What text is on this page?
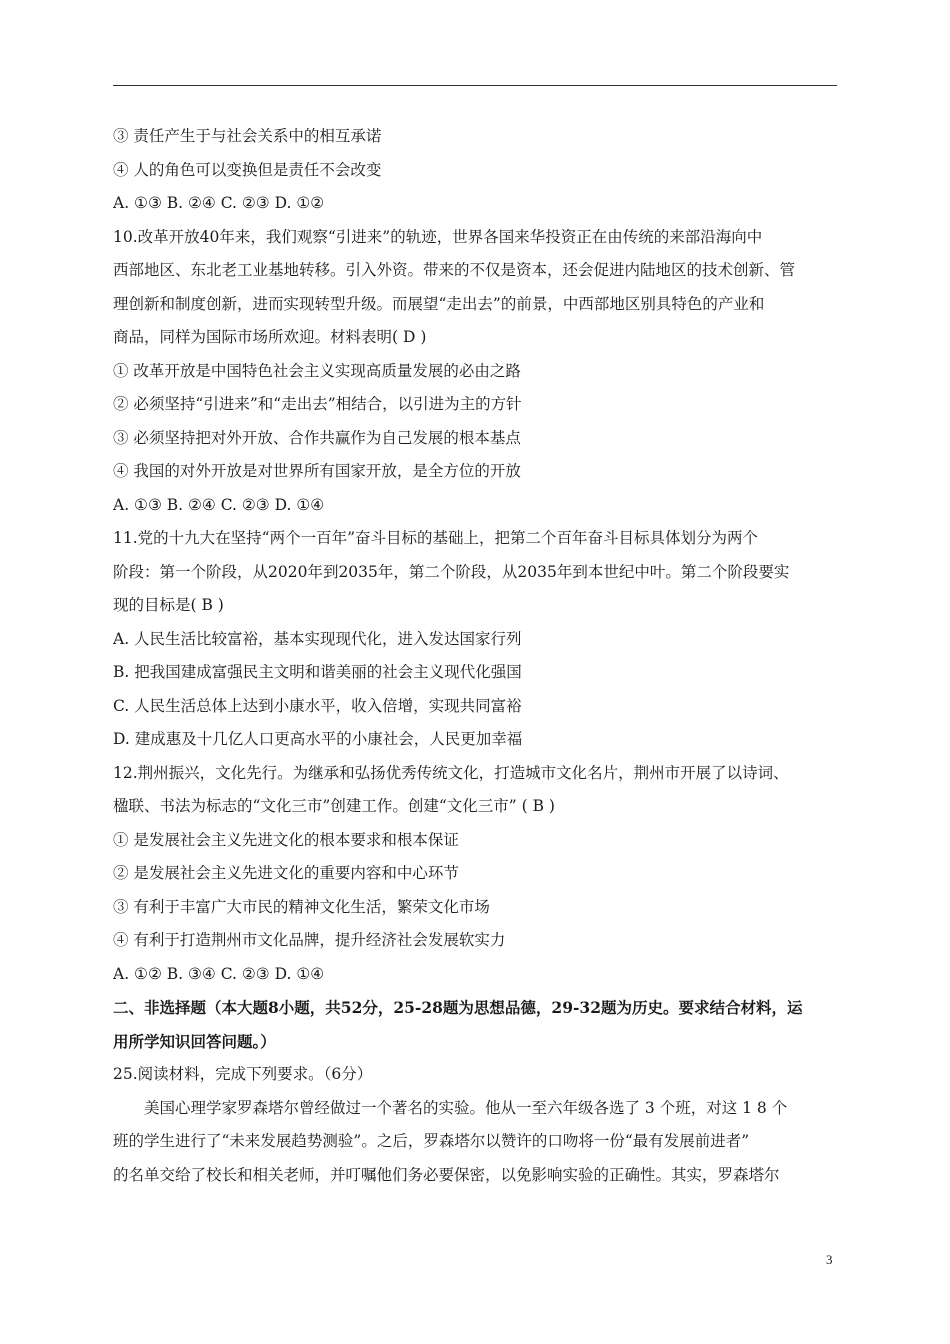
③ 责任产生于与社会关系中的相互承诺
④ 人的角色可以变换但是责任不会改变
A. ①③ B. ②④ C. ②③ D. ①②
10.改革开放40年来，我们观察“引进来”的轨迹，世界各国来华投资正在由传统的来部沿海向中
西部地区、东北老工业基地转移。引入外资。带来的不仅是资本，还会促进内陆地区的技术创新、管
理创新和制度创新，进而实现转型升级。而展望“走出去”的前景，中西部地区别具特色的产业和
商品，同样为国际市场所欢迎。材料表明( D )
① 改革开放是中国特色社会主义实现高质量发展的必由之路
② 必须坚持“引进来”和“走出去”相结合，以引进为主的方针
③ 必须坚持把对外开放、合作共赢作为自己发展的根本基点
④ 我国的对外开放是对世界所有国家开放，是全方位的开放
A. ①③ B. ②④ C. ②③ D. ①④
11.党的十九大在坚持“两个一百年”奋斗目标的基础上，把第二个百年奋斗目标具体划分为两个
阶段：第一个阶段，从2020年到2035年，第二个阶段，从2035年到本世纪中叶。第二个阶段要实
现的目标是( B )
A. 人民生活比较富裕，基本实现现代化，进入发达国家行列
B. 把我国建成富强民主文明和谐美丽的社会主义现代化强国
C. 人民生活总体上达到小康水平，收入倍增，实现共同富裕
D. 建成惠及十几亿人口更高水平的小康社会，人民更加幸福
12.荆州振兴，文化先行。为继承和弘扬优秀传统文化，打造城市文化名片，荆州市开展了以诗词、
楹联、书法为标志的“文化三市”创建工作。创建“文化三市” ( B )
① 是发展社会主义先进文化的根本要求和根本保证
② 是发展社会主义先进文化的重要内容和中心环节
③ 有利于丰富广大市民的精神文化生活，繁荣文化市场
④ 有利于打造荆州市文化品牌，提升经济社会发展软实力
A. ①② B. ③④ C. ②③ D. ①④
二、非选择题（本大题8小题，共52分，25-28题为思想品德，29-32题为历史。要求结合材料，运
用所学知识回答问题。）
25.阅读材料，完成下列要求。（6分）
美国心理学家罗森塔尔曾经做过一个著名的实验。他从一至六年级各选了 3 个班，对这 1 8 个
班的学生进行了“未来发展趋势测验”。之后，罗森塔尔以赞许的口吻将一份“最有发展前进者”
的名单交给了校长和相关老师，并叮嘱他们务必要保密，以免影响实验的正确性。其实，罗森塔尔
3
